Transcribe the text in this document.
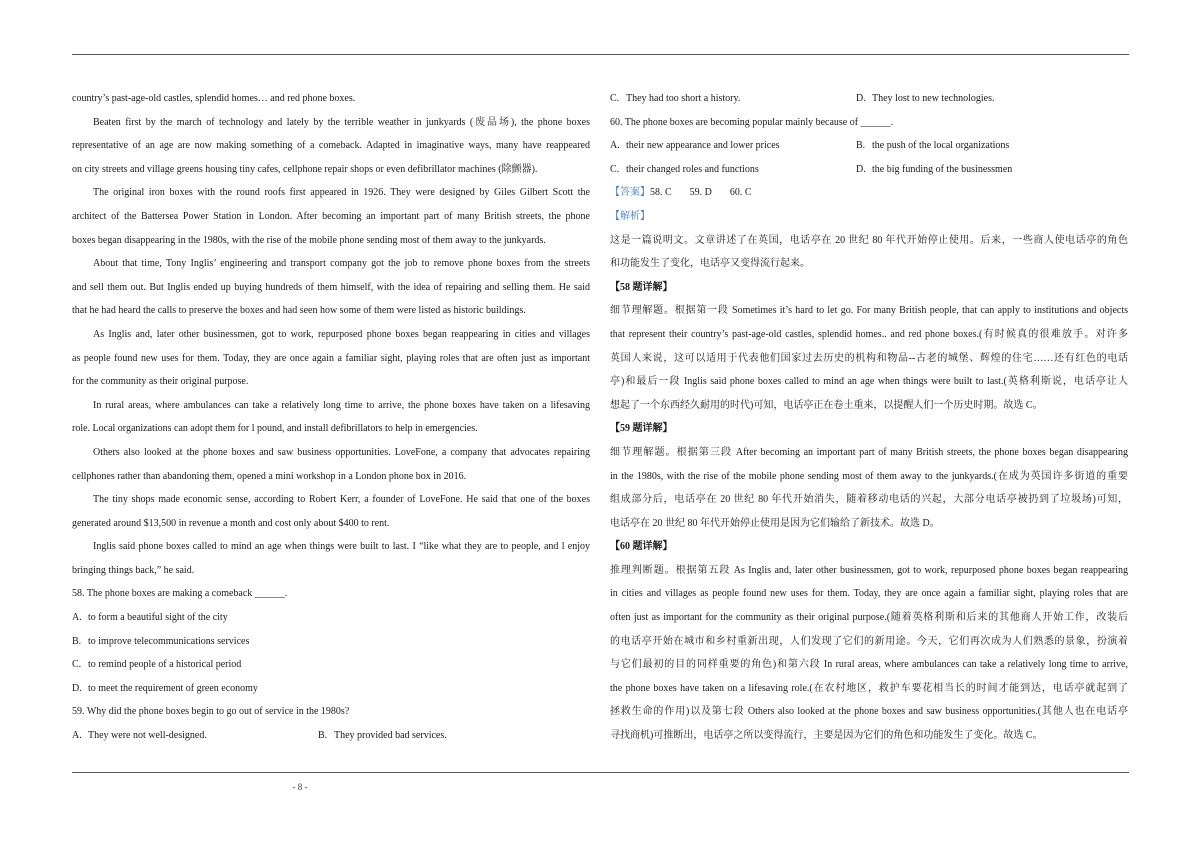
country’s past-age-old castles, splendid homes… and red phone boxes.
Beaten first by the march of technology and lately by the terrible weather in junkyards (废品场), the phone boxes
representative of an age are now making something of a comeback. Adapted in imaginative ways, many have reappeared
on city streets and village greens housing tiny cafes, cellphone repair shops or even defibrillator machines (除颤器).
The original iron boxes with the round roofs first appeared in 1926. They were designed by Giles Gilbert Scott the
architect of the Battersea Power Station in London. After becoming an important part of many British streets, the phone
boxes began disappearing in the 1980s, with the rise of the mobile phone sending most of them away to the junkyards.
About that time, Tony Inglis’ engineering and transport company got the job to remove phone boxes from the streets
and sell them out. But Inglis ended up buying hundreds of them himself, with the idea of repairing and selling them. He said
that he had heard the calls to preserve the boxes and had seen how some of them were listed as historic buildings.
As Inglis and, later other businessmen, got to work, repurposed phone boxes began reappearing in cities and villages
as people found new uses for them. Today, they are once again a familiar sight, playing roles that are often just as important
for the community as their original purpose.
In rural areas, where ambulances can take a relatively long time to arrive, the phone boxes have taken on a lifesaving
role. Local organizations can adopt them for l pound, and install defibrillators to help in emergencies.
Others also looked at the phone boxes and saw business opportunities. LoveFone, a company that advocates repairing
cellphones rather than abandoning them, opened a mini workshop in a London phone box in 2016.
The tiny shops made economic sense, according to Robert Kerr, a founder of LoveFone. He said that one of the boxes
generated around $13,500 in revenue a month and cost only about $400 to rent.
Inglis said phone boxes called to mind an age when things were built to last. I “like what they are to people, and l enjoy
bringing things back,” he said.
58. The phone boxes are making a comeback ______.
A. to form a beautiful sight of the city
B. to improve telecommunications services
C. to remind people of a historical period
D. to meet the requirement of green economy
59. Why did the phone boxes begin to go out of service in the 1980s?
A. They were not well-designed.	B. They provided bad services.
C. They had too short a history.	D. They lost to new technologies.
60. The phone boxes are becoming popular mainly because of ______.
A. their new appearance and lower prices	B. the push of the local organizations
C. their changed roles and functions	D. the big funding of the businessmen
【答案】58. C 59. D 60. C
【解析】
这是一篇说明文。文章讲述了在英国，电话亭在 20 世纪 80 年代开始停止使用。后来，一些商人使电话亭的角色
和功能发生了变化，电话亭又变得流行起来。
【58 题详解】
细节理解题。根据第一段 Sometimes it’s hard to let go. For many British people, that can apply to institutions and objects
that represent their country’s past-age-old castles, splendid homes.. and red phone boxes.(有时候真的很难放手。对许多
英国人来说，这可以适用于代表他们国家过去历史的机构和物品--古老的城堡、辉煌的住宅……还有红色的电话
亭)和最后一段 Inglis said phone boxes called to mind an age when things were built to last.(英格利斯说，电话亭让人
想起了一个东西经久耐用的时代)可知，电话亭正在卷土重来，以提醒人们一个历史时期。故选 C。
【59 题详解】
细节理解题。根据第三段 After becoming an important part of many British streets, the phone boxes began disappearing
in the 1980s, with the rise of the mobile phone sending most of them away to the junkyards.(在成为英国许多街道的重要
组成部分后，电话亭在 20 世纪 80 年代开始消失，随着移动电话的兴起，大部分电话亭被扔到了垃圾场)可知，
电话亭在 20 世纪 80 年代开始停止使用是因为它们输给了新技术。故选 D。
【60 题详解】
推理判断题。根据第五段 As Inglis and, later other businessmen, got to work, repurposed phone boxes began reappearing
in cities and villages as people found new uses for them. Today, they are once again a familiar sight, playing roles that are
often just as important for the community as their original purpose.(随着英格利斯和后来的其他商人开始工作，改装后
的电话亭开始在城市和乡村重新出现，人们发现了它们的新用途。今天，它们再次成为人们熟悉的景象，扮演着
与它们最初的目的同样重要的角色)和第六段 In rural areas, where ambulances can take a relatively long time to arrive,
the phone boxes have taken on a lifesaving role.(在农村地区，救护车要花相当长的时间才能到达，电话亭就起到了
拯救生命的作用)以及第七段 Others also looked at the phone boxes and saw business opportunities.(其他人也在电话亭
寻找商机)可推断出，电话亭之所以变得流行，主要是因为它们的角色和功能发生了变化。故选 C。
- 8 -
